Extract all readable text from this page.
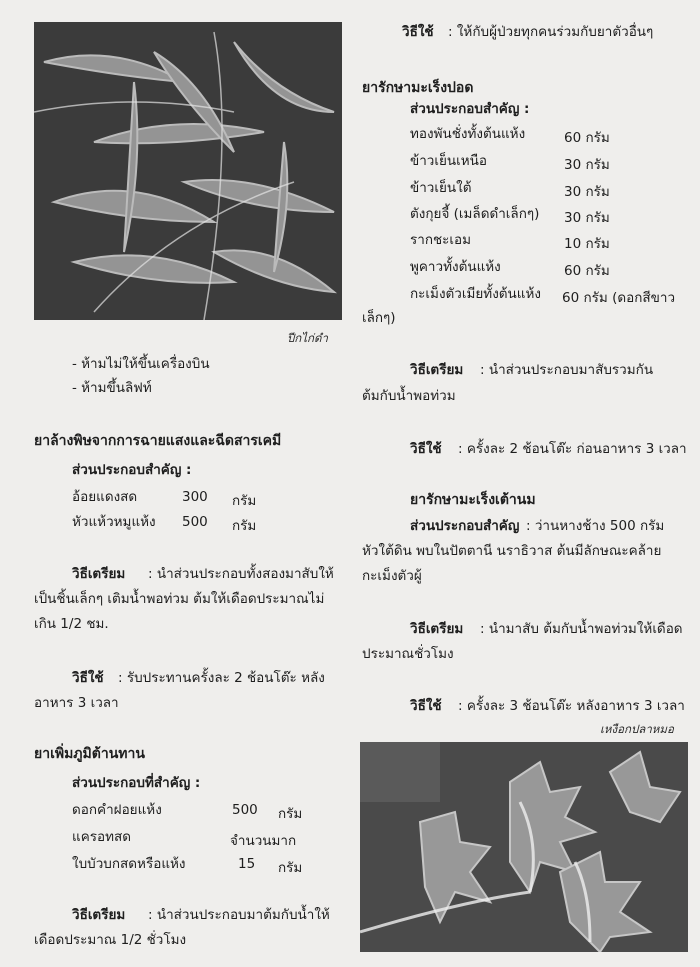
ปีกไก่ดำ
- ห้ามไม่ให้ขึ้นเครื่องบิน
- ห้ามขึ้นลิฟท์
ยาล้างพิษจากการฉายแสงและฉีดสารเคมี
ส่วนประกอบสำคัญ :
อ้อยแดงสด	300 กรัม
หัวแห้วหมูแห้ง 500 กรัม
วิธีเตรียม : นำส่วนประกอบทั้งสองมาสับให้
เป็นชิ้นเล็กๆ เติมน้ำพอท่วม ต้มให้เดือดประมาณไม่
เกิน 1/2 ชม.
วิธีใช้ : รับประทานครั้งละ 2 ช้อนโต๊ะ หลัง
อาหาร 3 เวลา
ยาเพิ่มภูมิต้านทาน
ส่วนประกอบที่สำคัญ :
ดอกคำฝอยแห้ง	500 กรัม
แครอทสด	จำนวนมาก
ใบบัวบกสดหรือแห้ง	15 กรัม
วิธีเตรียม : นำส่วนประกอบมาต้มกับน้ำให้
เดือดประมาณ 1/2 ชั่วโมง
วิธีใช้ : ให้กับผู้ป่วยทุกคนร่วมกับยาตัวอื่นๆ
ยารักษามะเร็งปอด
ส่วนประกอบสำคัญ :
ทองพันชั่งทั้งต้นแห้ง	60 กรัม
ข้าวเย็นเหนือ	30 กรัม
ข้าวเย็นใต้	30 กรัม
ตังกุยจี้ (เมล็ดดำเล็กๆ) 30 กรัม
รากชะเอม	10 กรัม
พูคาวทั้งต้นแห้ง	60 กรัม
กะเม็งตัวเมียทั้งต้นแห้ง 60 กรัม (ดอกสีขาว
เล็กๆ)
วิธีเตรียม : นำส่วนประกอบมาสับรวมกัน
ต้มกับน้ำพอท่วม
วิธีใช้ : ครั้งละ 2 ช้อนโต๊ะ ก่อนอาหาร 3 เวลา
ยารักษามะเร็งเต้านม
ส่วนประกอบสำคัญ : ว่านหางช้าง 500 กรัม
หัวใต้ดิน พบในปัตตานี นราธิวาส ต้นมีลักษณะคล้าย
กะเม็งตัวผู้
วิธีเตรียม : นำมาสับ ต้มกับน้ำพอท่วมให้เดือด
ประมาณชั่วโมง
วิธีใช้ : ครั้งละ 3 ช้อนโต๊ะ หลังอาหาร 3 เวลา
เหงือกปลาหมอ
